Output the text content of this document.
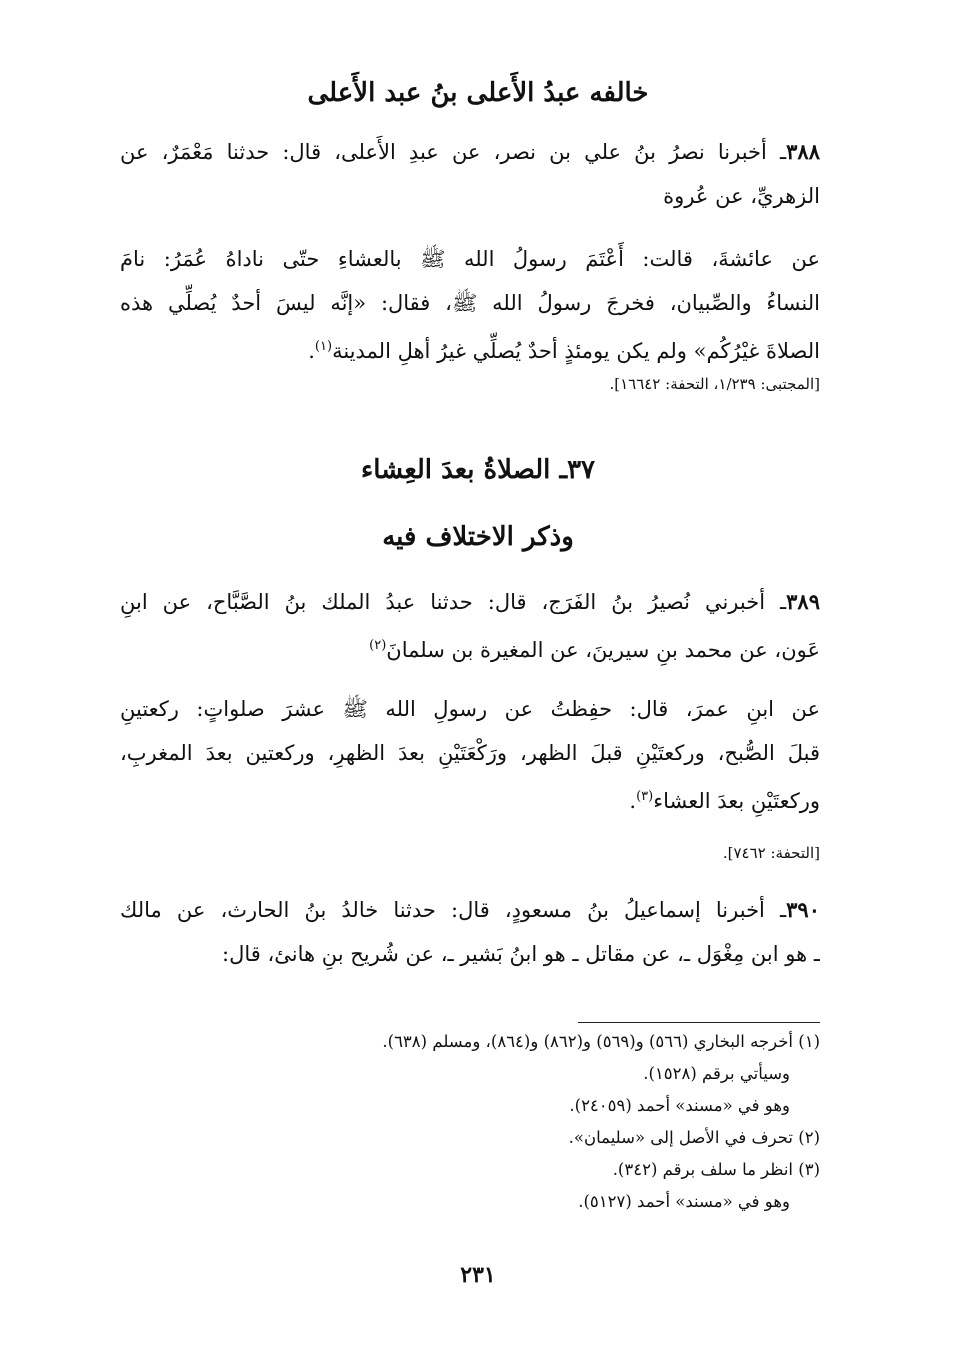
خالفه عبدُ الأَعلى بنُ عبد الأَعلى
٣٨٨ـ أخبرنا نصرُ بنُ علي بن نصر، عن عبدِ الأَعلى، قال: حدثنا مَعْمَرٌ، عن
الزهريِّ، عن عُروة
عن عائشةَ، قالت: أَعْتَمَ رسولُ الله ﷺ بالعشاءِ حتّى ناداهُ عُمَرُ: نامَ
النساءُ والصِّبيان، فخرجَ رسولُ الله ﷺ، فقال: «إنَّه ليسَ أحدٌ يُصلِّي هذه
الصلاةَ غيْرُكُم» ولم يكن يومئذٍ أحدٌ يُصلِّي غيرُ أهلِ المدينة$^{(١)}$.
[المجتبى: ١/٢٣٩، التحفة: ١٦٦٤٢].
٣٧ـ الصلاةُ بعدَ العِشاء
وذكر الاختلاف فيه
٣٨٩ـ أخبرني نُصيرُ بنُ الفَرَج، قال: حدثنا عبدُ الملك بنُ الصَّبَّاح، عن ابنِ
عَون، عن محمد بنِ سيرينَ، عن المغيرة بن سلمانَ$^{(٢)}$
عن ابنِ عمرَ، قال: حفِظتُ عن رسولِ الله ﷺ عشرَ صلواتٍ: ركعتينِ
قبلَ الصُّبح، وركعتَيْنِ قبلَ الظهر، ورَكْعَتَيْنِ بعدَ الظهرِ، وركعتين بعدَ المغربِ،
وركعتَيْنِ بعدَ العشاء$^{(٣)}$.
[التحفة: ٧٤٦٢].
٣٩٠ـ أخبرنا إسماعيلُ بنُ مسعودٍ، قال: حدثنا خالدُ بنُ الحارث، عن مالك
ـ هو ابن مِغْوَل ـ، عن مقاتل ـ هو ابنُ بَشير ـ، عن شُريح بنِ هانئ، قال:
(١) أخرجه البخاري (٥٦٦) و(٥٦٩) و(٨٦٢) و(٨٦٤)، ومسلم (٦٣٨).
وسيأتي برقم (١٥٢٨).
وهو في «مسند» أحمد (٢٤٠٥٩).
(٢) تحرف في الأصل إلى «سليمان».
(٣) انظر ما سلف برقم (٣٤٢).
وهو في «مسند» أحمد (٥١٢٧).
٢٣١
